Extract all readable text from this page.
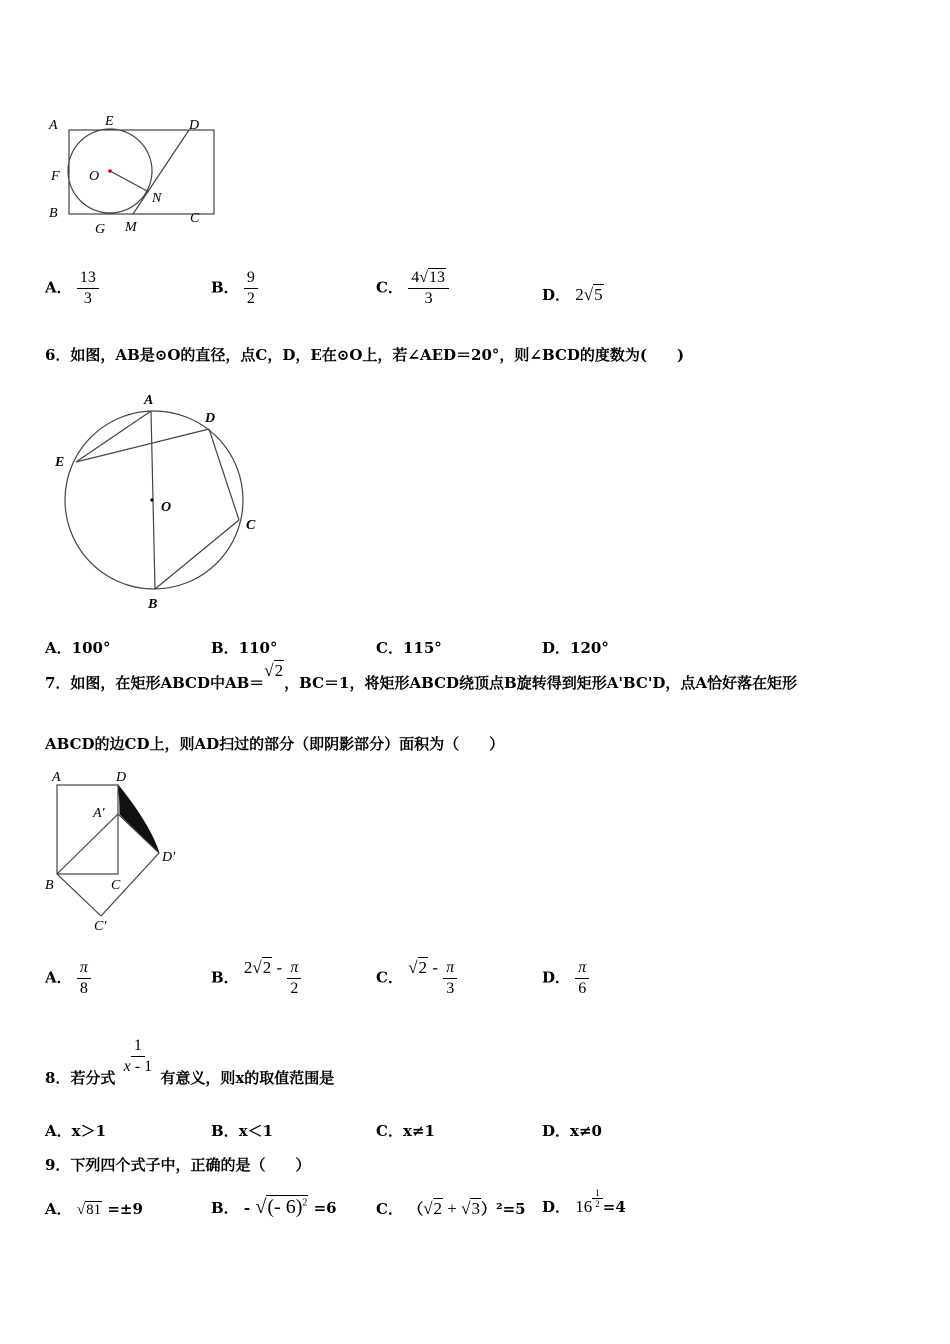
A	E	D
F O
N
B
G M
C
A． $\frac{13}{3}$	B． $\frac{9}{2}$	C． $\frac{4√13}{3}$	D． 2√5
6．如图，AB是⊙O的直径，点C，D，E在⊙O上，若∠AED＝20°，则∠BCD的度数为(　　)
A
D
E
O
C
B
A．100°	B．110°	C．115°	D．120°
7．如图，在矩形ABCD中AB＝√2，BC＝1，将矩形ABCD绕顶点B旋转得到矩形A'BC'D，点A恰好落在矩形
ABCD的边CD上，则AD扫过的部分（即阴影部分）面积为（　　）
A	D
A'
D'
B	C
C'
A． $\frac{\pi}{8}$	B． $2√2 - \frac{\pi}{2}$	C． $√2 - \frac{\pi}{3}$	D． $\frac{\pi}{6}$
8．若分式
$\frac{1}{x - 1}$
有意义，则x的取值范围是
A．x＞1	B．x＜1	C．x≠1	D．x≠0
9．下列四个式子中，正确的是（　　）
A． √81 =±9	B． - √(- 6)$^2$ =6	C． （√2 + √3）²=5 D． $16 \frac{1}{2} =4$
